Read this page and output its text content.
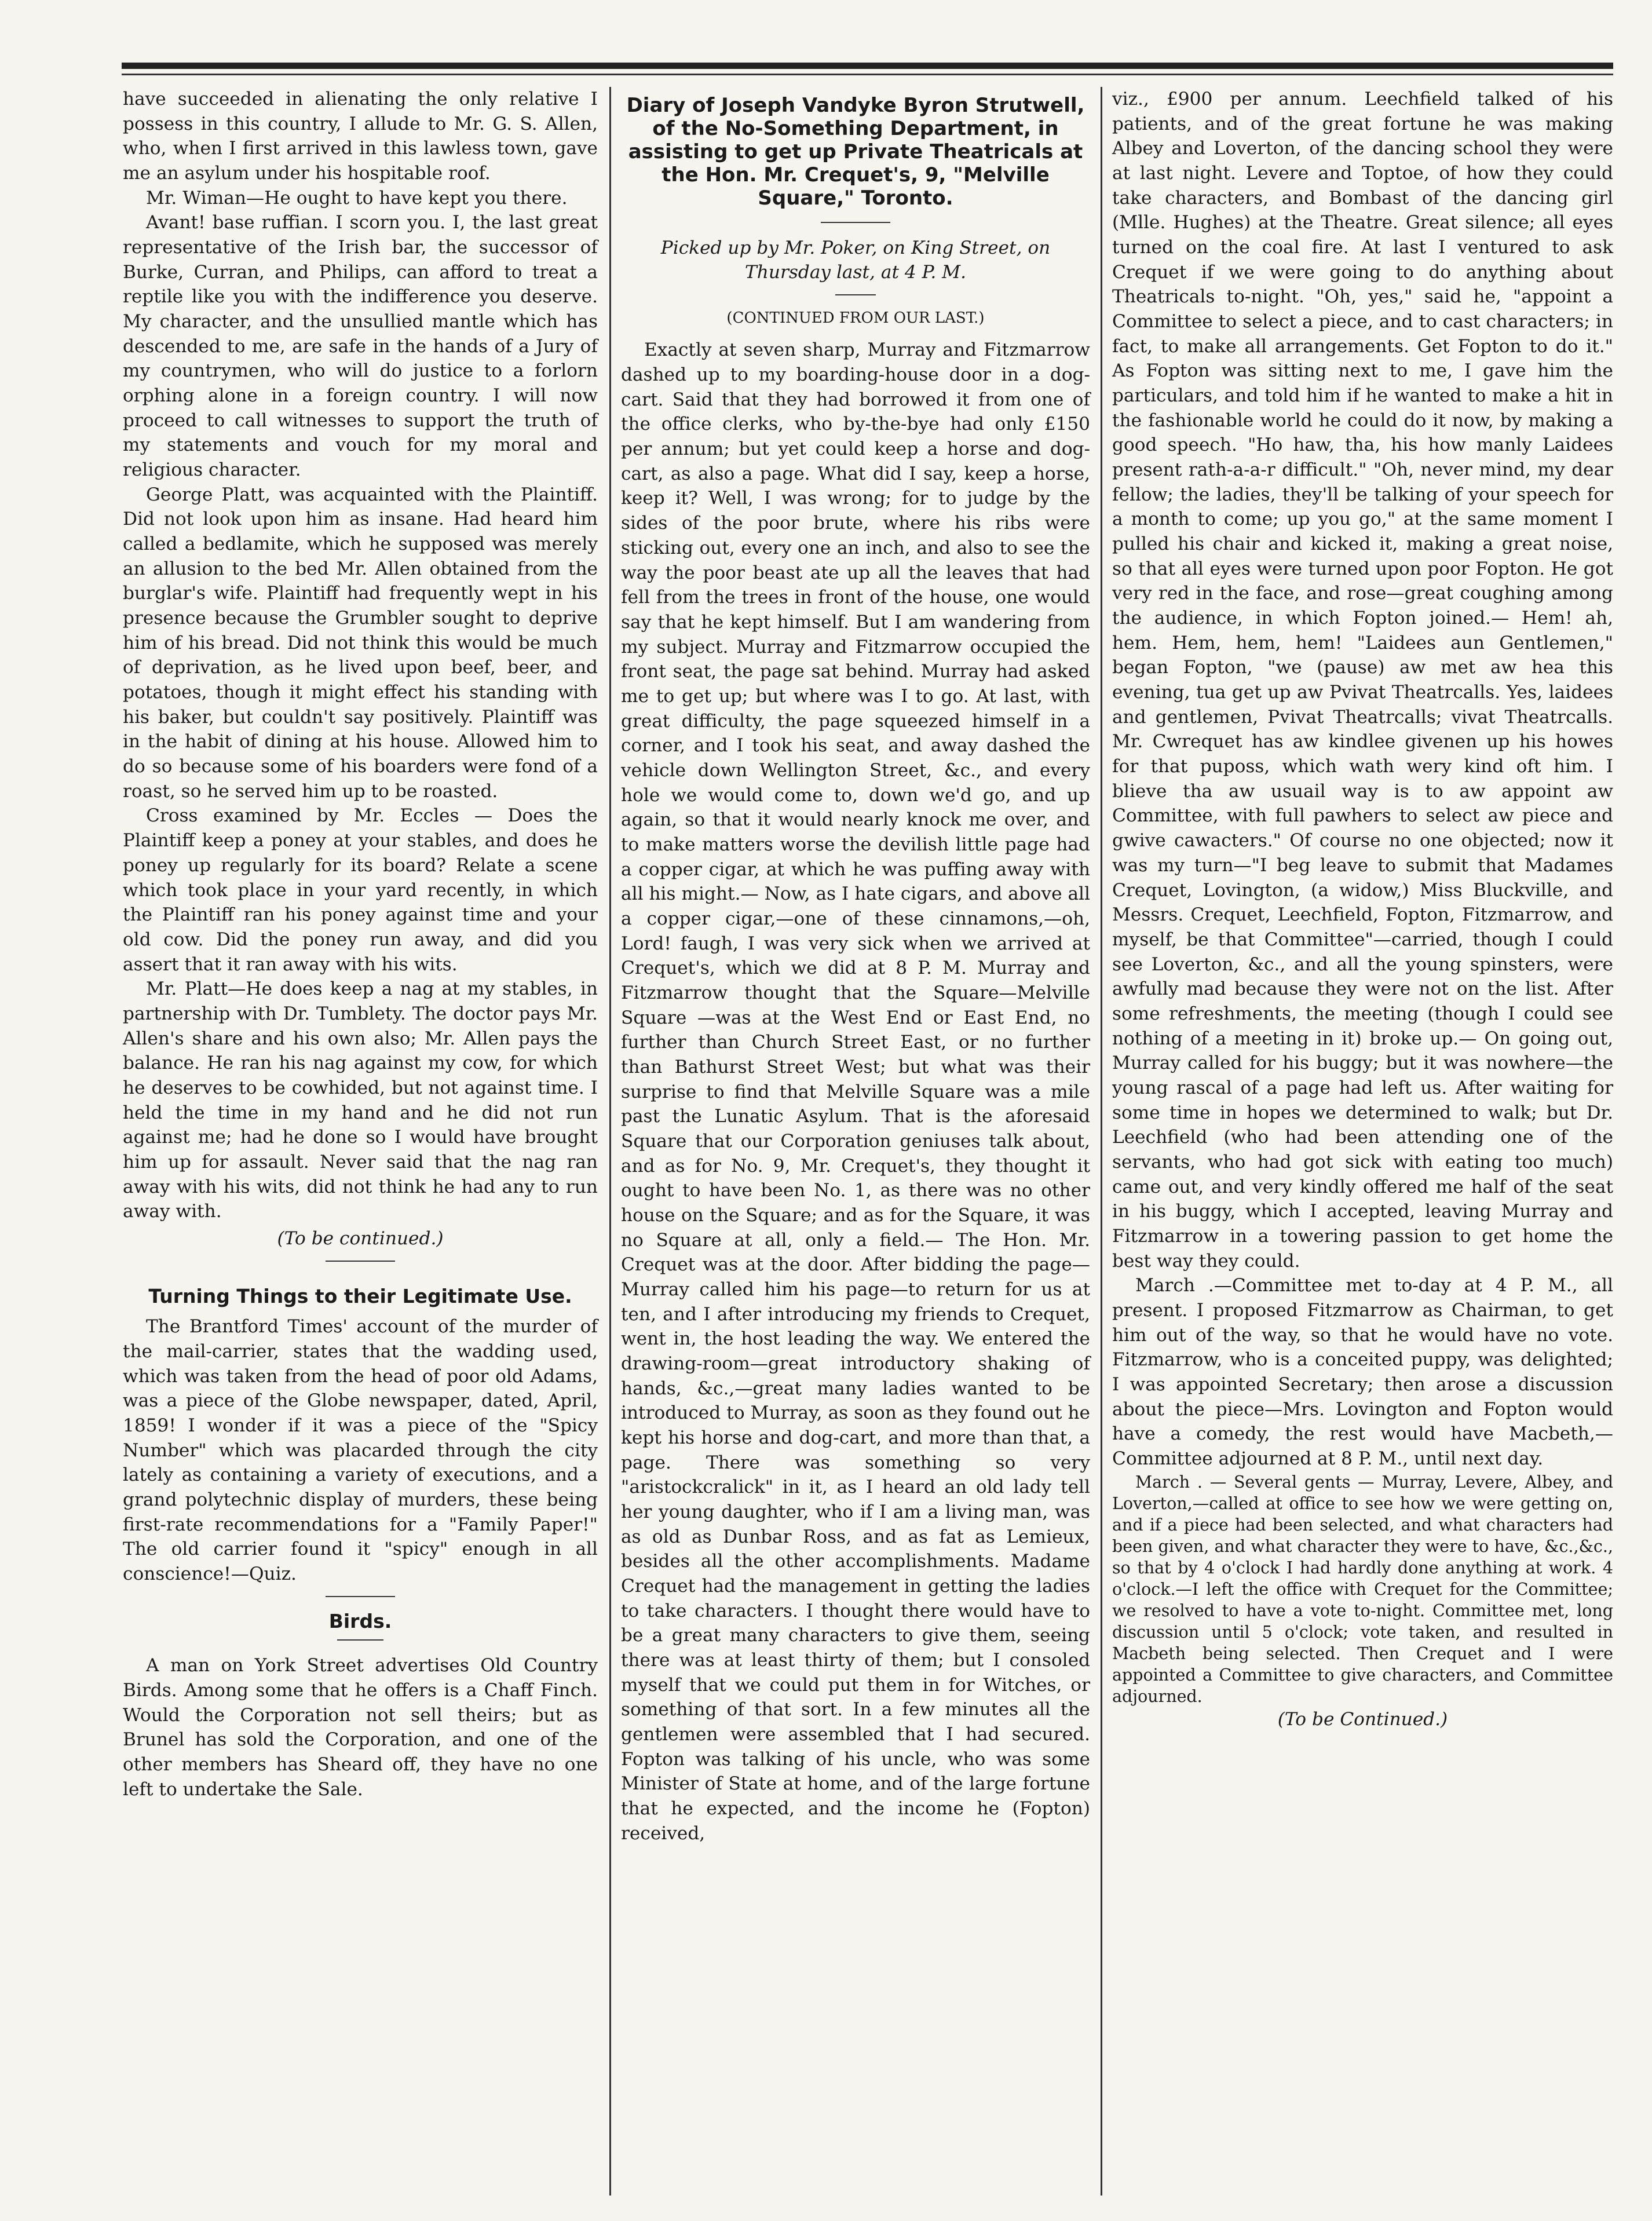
have succeeded in alienating the only relative I possess in this country, I allude to Mr. G. S. Allen, who, when I first arrived in this lawless town, gave me an asylum under his hospitable roof.

Mr. Wiman—He ought to have kept you there.

Avant! base ruffian. I scorn you. I, the last great representative of the Irish bar, the successor of Burke, Curran, and Philips, can afford to treat a reptile like you with the indifference you deserve. My character, and the unsullied mantle which has descended to me, are safe in the hands of a Jury of my countrymen, who will do justice to a forlorn orphing alone in a foreign country. I will now proceed to call witnesses to support the truth of my statements and vouch for my moral and religious character.

George Platt, was acquainted with the Plaintiff. Did not look upon him as insane. Had heard him called a bedlamite, which he supposed was merely an allusion to the bed Mr. Allen obtained from the burglar's wife. Plaintiff had frequently wept in his presence because the Grumbler sought to deprive him of his bread. Did not think this would be much of deprivation, as he lived upon beef, beer, and potatoes, though it might effect his standing with his baker, but couldn't say positively. Plaintiff was in the habit of dining at his house. Allowed him to do so because some of his boarders were fond of a roast, so he served him up to be roasted.

Cross examined by Mr. Eccles — Does the Plaintiff keep a poney at your stables, and does he poney up regularly for its board? Relate a scene which took place in your yard recently, in which the Plaintiff ran his poney against time and your old cow. Did the poney run away, and did you assert that it ran away with his wits.

Mr. Platt—He does keep a nag at my stables, in partnership with Dr. Tumblety. The doctor pays Mr. Allen's share and his own also; Mr. Allen pays the balance. He ran his nag against my cow, for which he deserves to be cowhided, but not against time. I held the time in my hand and he did not run against me; had he done so I would have brought him up for assault. Never said that the nag ran away with his wits, did not think he had any to run away with.

(To be continued.)

Turning Things to their Legitimate Use.

The Brantford Times' account of the murder of the mail-carrier, states that the wadding used, which was taken from the head of poor old Adams, was a piece of the Globe newspaper, dated, April, 1859! I wonder if it was a piece of the "Spicy Number" which was placarded through the city lately as containing a variety of executions, and a grand polytechnic display of murders, these being first-rate recommendations for a "Family Paper!" The old carrier found it "spicy" enough in all conscience!—Quiz.

Birds.

A man on York Street advertises Old Country Birds. Among some that he offers is a Chaff Finch. Would the Corporation not sell theirs; but as Brunel has sold the Corporation, and one of the other members has Sheard off, they have no one left to undertake the Sale.

Diary of Joseph Vandyke Byron Strutwell, of the No-Something Department, in assisting to get up Private Theatricals at the Hon. Mr. Crequet's, 9, "Melville Square," Toronto.
Picked up by Mr. Poker, on King Street, on Thursday last, at 4 P. M.
(CONTINUED FROM OUR LAST.)

Exactly at seven sharp, Murray and Fitzmarrow dashed up to my boarding-house door in a dog-cart. Said that they had borrowed it from one of the office clerks, who by-the-bye had only £150 per annum; but yet could keep a horse and dog-cart, as also a page. What did I say, keep a horse, keep it? Well, I was wrong; for to judge by the sides of the poor brute, where his ribs were sticking out, every one an inch, and also to see the way the poor beast ate up all the leaves that had fell from the trees in front of the house, one would say that he kept himself. But I am wandering from my subject. Murray and Fitzmarrow occupied the front seat, the page sat behind. Murray had asked me to get up; but where was I to go. At last, with great difficulty, the page squeezed himself in a corner, and I took his seat, and away dashed the vehicle down Wellington Street, &c., and every hole we would come to, down we'd go, and up again, so that it would nearly knock me over, and to make matters worse the devilish little page had a copper cigar, at which he was puffing away with all his might.— Now, as I hate cigars, and above all a copper cigar,—one of these cinnamons,—oh, Lord! faugh, I was very sick when we arrived at Crequet's, which we did at 8 P. M. Murray and Fitzmarrow thought that the Square—Melville Square —was at the West End or East End, no further than Church Street East, or no further than Bathurst Street West; but what was their surprise to find that Melville Square was a mile past the Lunatic Asylum. That is the aforesaid Square that our Corporation geniuses talk about, and as for No. 9, Mr. Crequet's, they thought it ought to have been No. 1, as there was no other house on the Square; and as for the Square, it was no Square at all, only a field.— The Hon. Mr. Crequet was at the door. After bidding the page—Murray called him his page—to return for us at ten, and I after introducing my friends to Crequet, went in, the host leading the way. We entered the drawing-room—great introductory shaking of hands, &c.,—great many ladies wanted to be introduced to Murray, as soon as they found out he kept his horse and dog-cart, and more than that, a page. There was something so very "aristockcralick" in it, as I heard an old lady tell her young daughter, who if I am a living man, was as old as Dunbar Ross, and as fat as Lemieux, besides all the other accomplishments. Madame Crequet had the management in getting the ladies to take characters. I thought there would have to be a great many characters to give them, seeing there was at least thirty of them; but I consoled myself that we could put them in for Witches, or something of that sort. In a few minutes all the gentlemen were assembled that I had secured. Fopton was talking of his uncle, who was some Minister of State at home, and of the large fortune that he expected, and the income he (Fopton) received,

viz., £900 per annum. Leechfield talked of his patients, and of the great fortune he was making Albey and Loverton, of the dancing school they were at last night. Levere and Toptoe, of how they could take characters, and Bombast of the dancing girl (Mlle. Hughes) at the Theatre. Great silence; all eyes turned on the coal fire. At last I ventured to ask Crequet if we were going to do anything about Theatricals to-night. "Oh, yes," said he, "appoint a Committee to select a piece, and to cast characters; in fact, to make all arrangements. Get Fopton to do it." As Fopton was sitting next to me, I gave him the particulars, and told him if he wanted to make a hit in the fashionable world he could do it now, by making a good speech. "Ho haw, tha, his how manly Laidees present rath-a-a-r difficult." "Oh, never mind, my dear fellow; the ladies, they'll be talking of your speech for a month to come; up you go," at the same moment I pulled his chair and kicked it, making a great noise, so that all eyes were turned upon poor Fopton. He got very red in the face, and rose—great coughing among the audience, in which Fopton joined.— Hem! ah, hem. Hem, hem, hem! "Laidees aun Gentlemen," began Fopton, "we (pause) aw met aw hea this evening, tua get up aw Pvivat Theatrcalls. Yes, laidees and gentlemen, Pvivat Theatrcalls; vivat Theatrcalls. Mr. Cwrequet has aw kindlee givenen up his howes for that puposs, which wath wery kind oft him. I blieve tha aw usuail way is to aw appoint aw Committee, with full pawhers to select aw piece and gwive cawacters." Of course no one objected; now it was my turn—"I beg leave to submit that Madames Crequet, Lovington, (a widow,) Miss Bluckville, and Messrs. Crequet, Leechfield, Fopton, Fitzmarrow, and myself, be that Committee"—carried, though I could see Loverton, &c., and all the young spinsters, were awfully mad because they were not on the list. After some refreshments, the meeting (though I could see nothing of a meeting in it) broke up.— On going out, Murray called for his buggy; but it was nowhere—the young rascal of a page had left us. After waiting for some time in hopes we determined to walk; but Dr. Leechfield (who had been attending one of the servants, who had got sick with eating too much) came out, and very kindly offered me half of the seat in his buggy, which I accepted, leaving Murray and Fitzmarrow in a towering passion to get home the best way they could.

March .—Committee met to-day at 4 P. M., all present. I proposed Fitzmarrow as Chairman, to get him out of the way, so that he would have no vote. Fitzmarrow, who is a conceited puppy, was delighted; I was appointed Secretary; then arose a discussion about the piece—Mrs. Lovington and Fopton would have a comedy, the rest would have Macbeth,—Committee adjourned at 8 P. M., until next day.

March . — Several gents — Murray, Levere, Albey, and Loverton,—called at office to see how we were getting on, and if a piece had been selected, and what characters had been given, and what character they were to have, &c.,&c., so that by 4 o'clock I had hardly done anything at work. 4 o'clock.—I left the office with Crequet for the Committee; we resolved to have a vote to-night. Committee met, long discussion until 5 o'clock; vote taken, and resulted in Macbeth being selected. Then Crequet and I were appointed a Committee to give characters, and Committee adjourned.

(To be Continued.)
